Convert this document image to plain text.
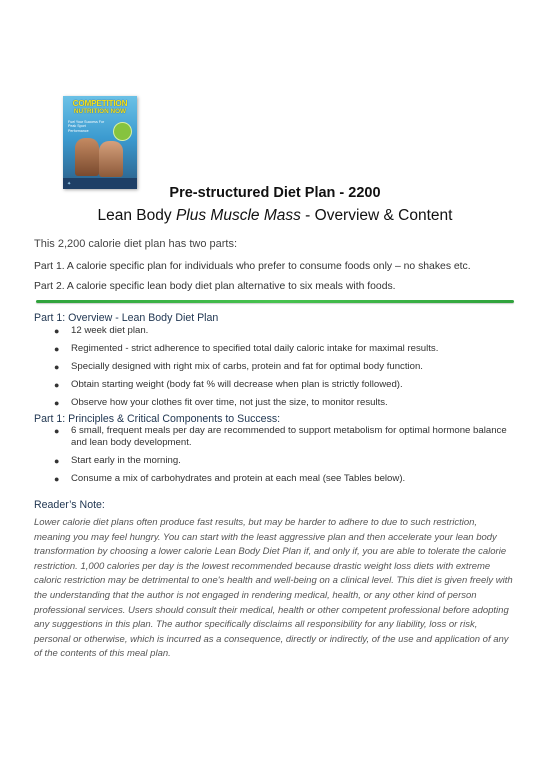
COMPETITION
NUTRITION NOW
Fuel Your Success For Peak Sport Performance
✦
Pre-structured Diet Plan - 2200
Lean Body Plus Muscle Mass - Overview & Content
This 2,200 calorie diet plan has two parts:
Part 1. A calorie specific plan for individuals who prefer to consume foods only – no shakes etc.
Part 2. A calorie specific lean body diet plan alternative to six meals with foods.
Part 1: Overview - Lean Body Diet Plan
● 12 week diet plan.
● Regimented - strict adherence to specified total daily caloric intake for maximal results.
● Specially designed with right mix of carbs, protein and fat for optimal body function.
● Obtain starting weight (body fat % will decrease when plan is strictly followed).
● Observe how your clothes fit over time, not just the size, to monitor results.
Part 1: Principles & Critical Components to Success:
● 6 small, frequent meals per day are recommended to support metabolism for optimal hormone balance and lean body development.
● Start early in the morning.
● Consume a mix of carbohydrates and protein at each meal (see Tables below).
Reader’s Note:
Lower calorie diet plans often produce fast results, but may be harder to adhere to due to such restriction, meaning you may feel hungry. You can start with the least aggressive plan and then accelerate your lean body transformation by choosing a lower calorie Lean Body Diet Plan if, and only if, you are able to tolerate the calorie restriction. 1,000 calories per day is the lowest recommended because drastic weight loss diets with extreme caloric restriction may be detrimental to one's health and well-being on a clinical level. This diet is given freely with the understanding that the author is not engaged in rendering medical, health, or any other kind of person professional services. Users should consult their medical, health or other competent professional before adopting any suggestions in this plan. The author specifically disclaims all responsibility for any liability, loss or risk, personal or otherwise, which is incurred as a consequence, directly or indirectly, of the use and application of any of the contents of this meal plan.
